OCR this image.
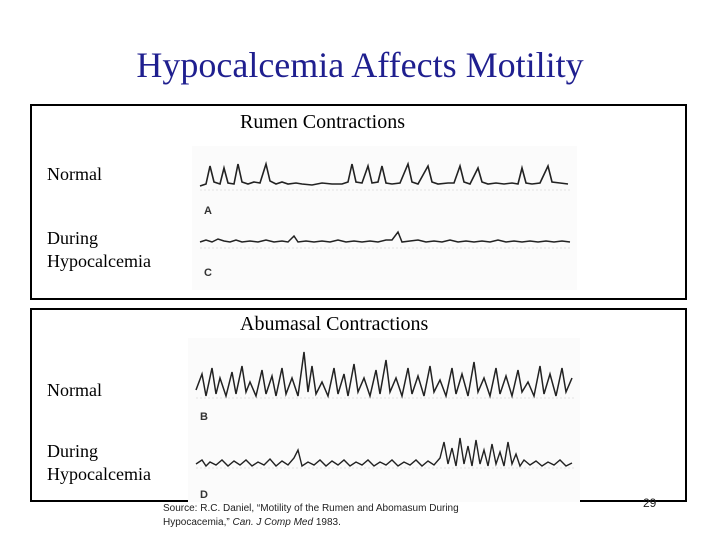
Hypocalcemia Affects Motility
Rumen Contractions
Normal
During
Hypocalcemia
A
C
Abumasal Contractions
Normal
During
Hypocalcemia
B
D
Source: R.C. Daniel, “Motility of the Rumen and Abomasum During
Hypocacemia,” Can. J Comp Med 1983.
29
